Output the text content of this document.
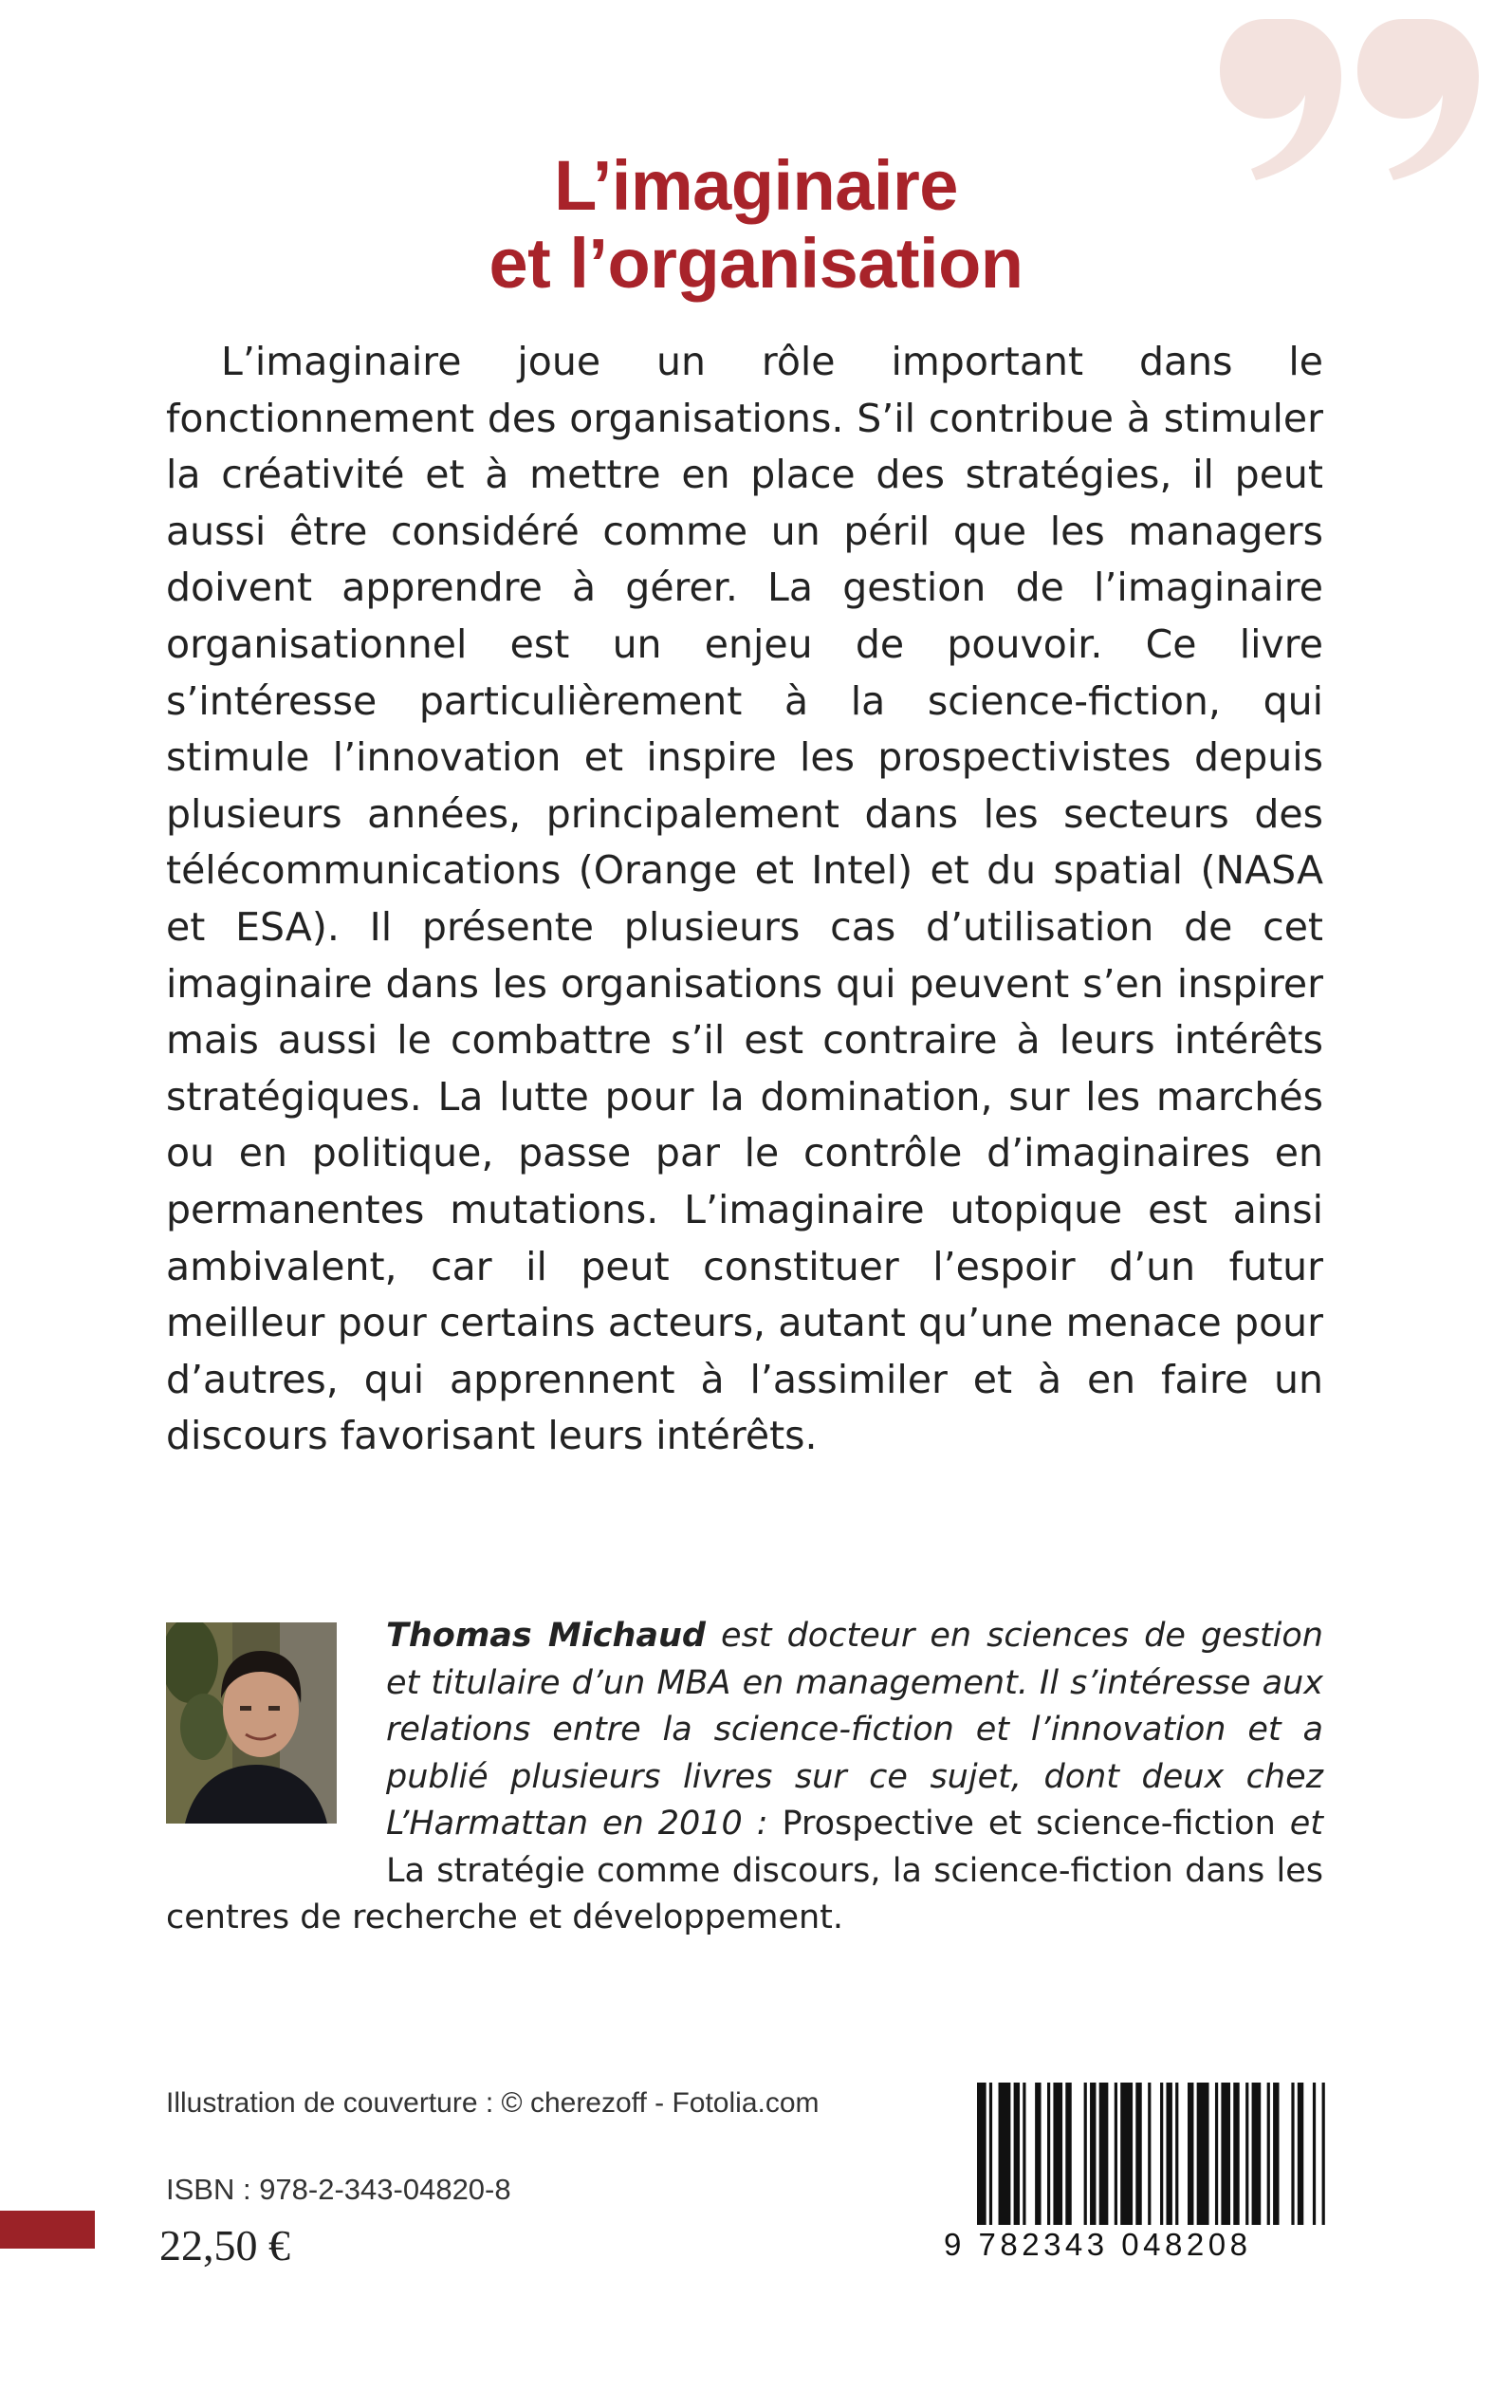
L’imaginaire
et l’organisation

L’imaginaire joue un rôle important dans le fonctionnement des organisations. S’il contribue à stimuler la créativité et à mettre en place des stratégies, il peut aussi être considéré comme un péril que les managers doivent apprendre à gérer. La gestion de l’imaginaire organisationnel est un enjeu de pouvoir. Ce livre s’intéresse particulièrement à la science-fiction, qui stimule l’innovation et inspire les prospectivistes depuis plusieurs années, principalement dans les secteurs des télécommunications (Orange et Intel) et du spatial (NASA et ESA). Il présente plusieurs cas d’utilisation de cet imaginaire dans les organisations qui peuvent s’en inspirer mais aussi le combattre s’il est contraire à leurs intérêts stratégiques. La lutte pour la domination, sur les marchés ou en politique, passe par le contrôle d’imaginaires en permanentes mutations. L’imaginaire utopique est ainsi ambivalent, car il peut constituer l’espoir d’un futur meilleur pour certains acteurs, autant qu’une menace pour d’autres, qui apprennent à l’assimiler et à en faire un discours favorisant leurs intérêts.

Thomas Michaud est docteur en sciences de gestion et titulaire d’un MBA en management. Il s’intéresse aux relations entre la science-fiction et l’innovation et a publié plusieurs livres sur ce sujet, dont deux chez L’Harmattan en 2010 : Prospective et science-fiction et La stratégie comme discours, la science-fiction dans les centres de recherche et développement.

Illustration de couverture : © cherezoff - Fotolia.com
ISBN : 978-2-343-04820-8
22,50 €	9 782343 048208
